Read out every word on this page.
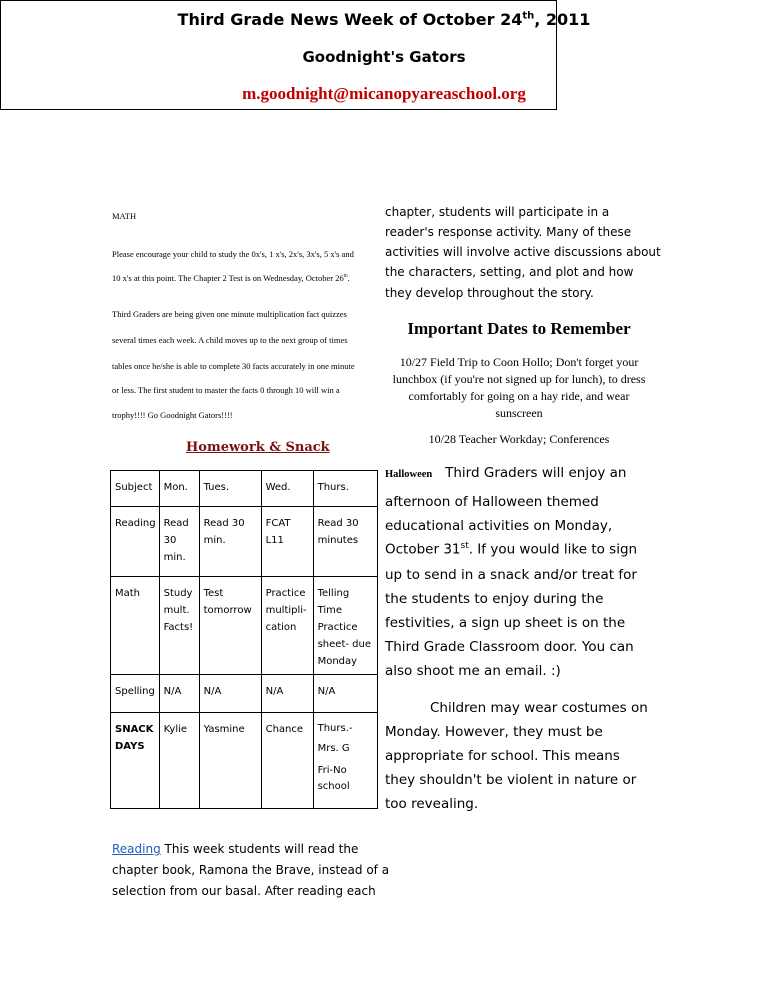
Third Grade News Week of October 24th, 2011
Goodnight's Gators
m.goodnight@micanopyareaschool.org
MATH
Please encourage your child to study the 0x's, 1 x's, 2x's, 3x's, 5 x's and
10 x's at this point. The Chapter 2 Test is on Wednesday, October 26th.
Third Graders are being given one minute multiplication fact quizzes
several times each week. A child moves up to the next group of times
tables once he/she is able to complete 30 facts accurately in one minute
or less. The first student to master the facts 0 through 10 will win a
trophy!!!! Go Goodnight Gators!!!!
Homework & Snack
Subject	Mon.	Tues.	Wed.	Thurs.
Reading	Read 30 min.	Read 30 min.	FCAT L11	Read 30 minutes
Math	Study mult. Facts!	Test tomorrow	Practice multipli-cation	Telling Time Practice sheet- due Monday
Spelling	N/A	N/A	N/A	N/A
SNACK DAYS	Kylie	Yasmine	Chance	Thurs.-
Mrs. G
Fri-No school
Reading This week students will read the
chapter book, Ramona the Brave, instead of a
selection from our basal. After reading each
chapter, students will participate in a
reader's response activity. Many of these
activities will involve active discussions about
the characters, setting, and plot and how
they develop throughout the story.
Important Dates to Remember
10/27 Field Trip to Coon Hollo; Don't forget your
lunchbox (if you're not signed up for lunch), to dress
comfortably for going on a hay ride, and wear
sunscreen
10/28 Teacher Workday; Conferences
Halloween Third Graders will enjoy an
afternoon of Halloween themed
educational activities on Monday,
October 31st. If you would like to sign
up to send in a snack and/or treat for
the students to enjoy during the
festivities, a sign up sheet is on the
Third Grade Classroom door. You can
also shoot me an email. :)
Children may wear costumes on
Monday. However, they must be
appropriate for school. This means
they shouldn't be violent in nature or
too revealing.
